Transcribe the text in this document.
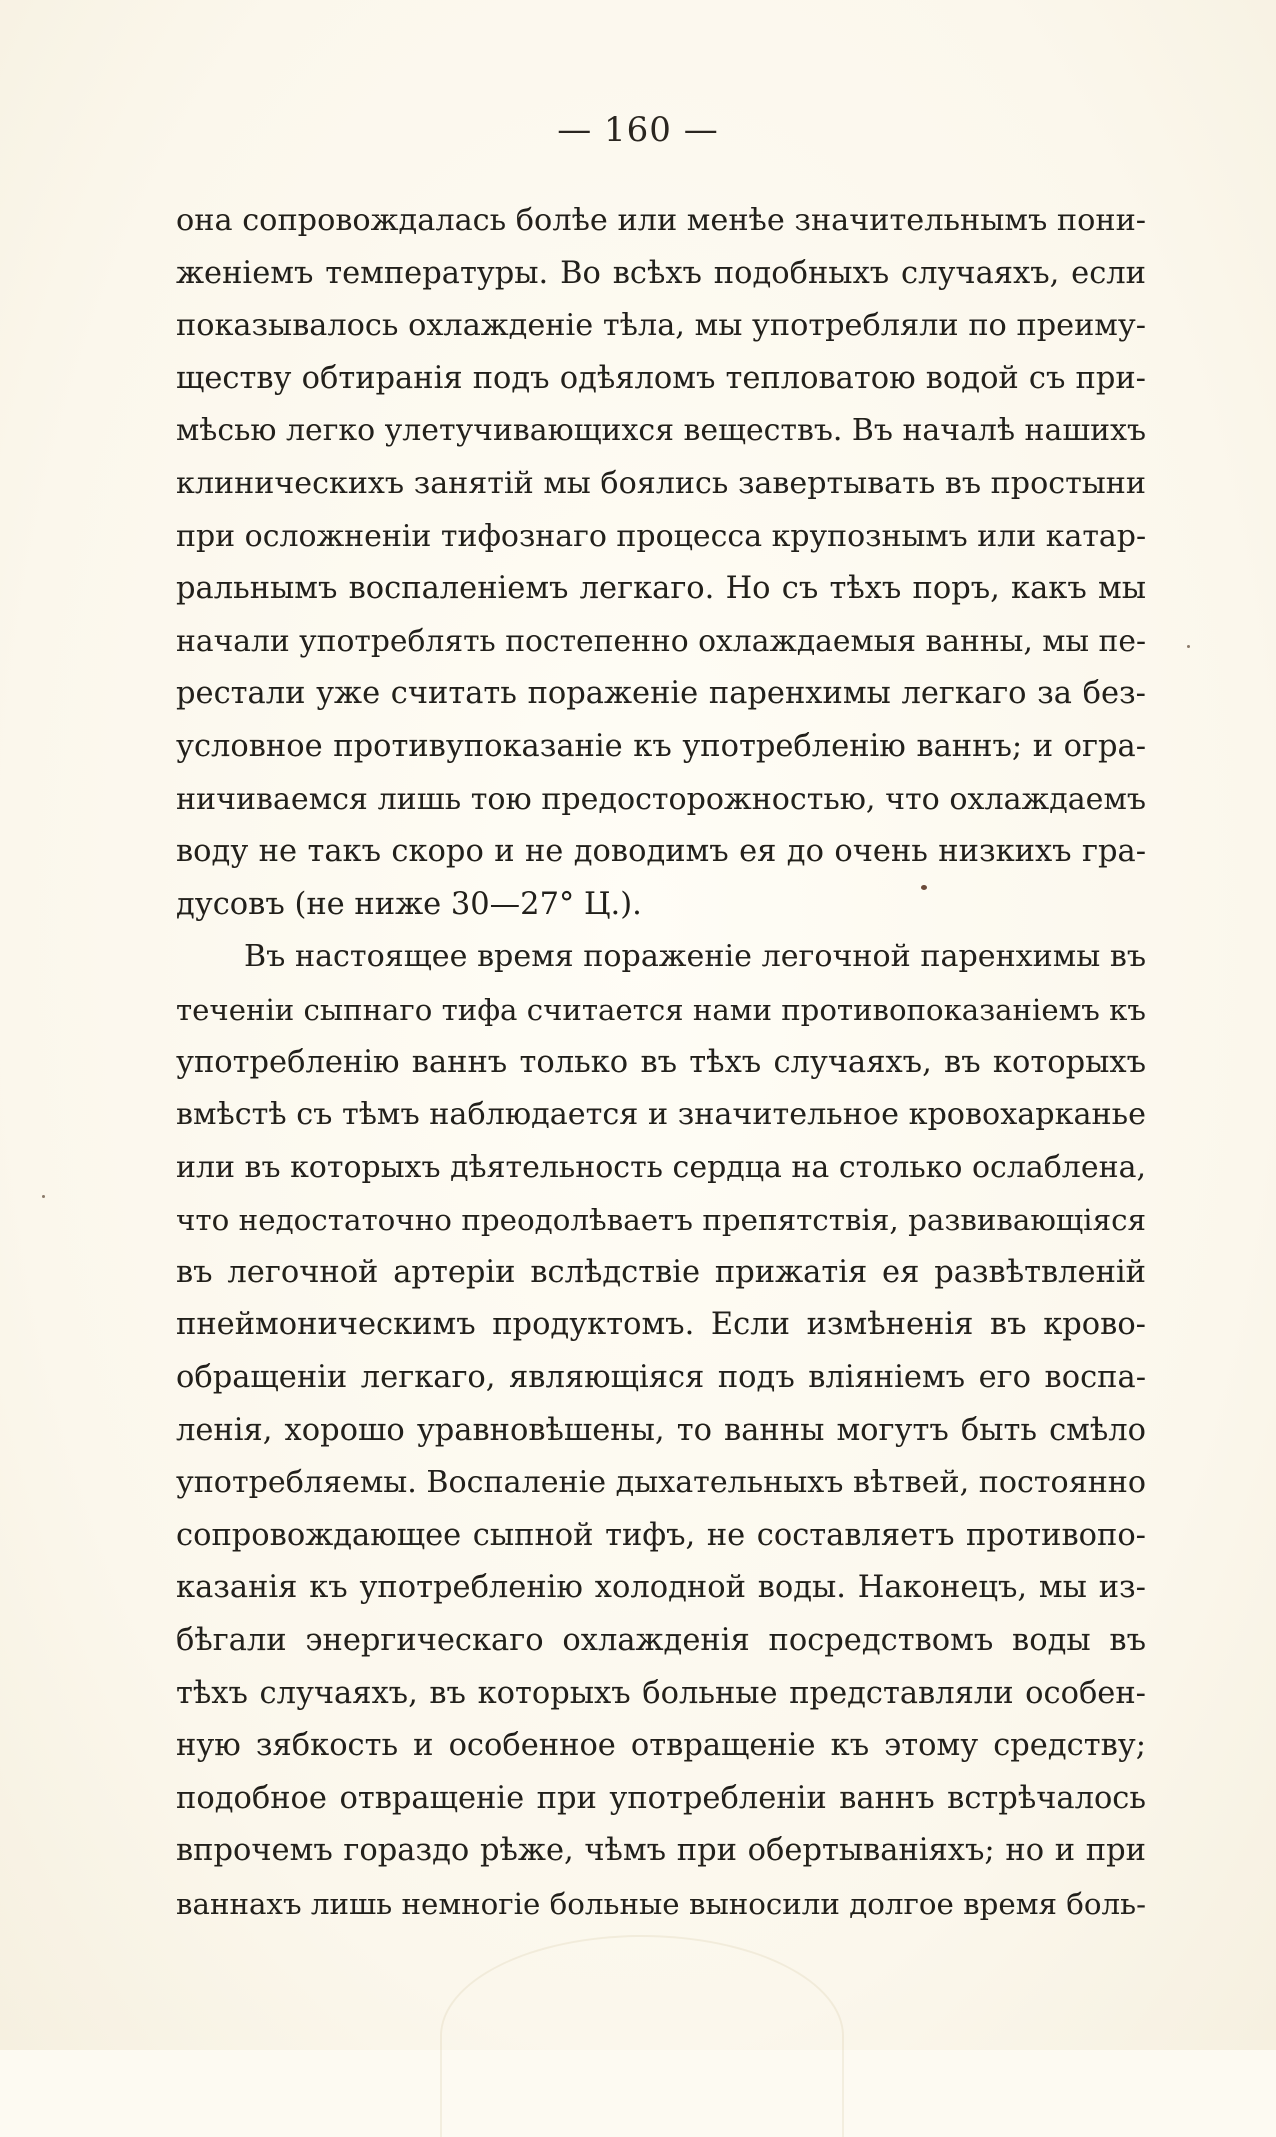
— 160 —
она сопровождалась болѣе или менѣе значительнымъ пони-
женіемъ температуры. Во всѣхъ подобныхъ случаяхъ, если
показывалось охлажденіе тѣла, мы употребляли по преиму-
ществу обтиранія подъ одѣяломъ тепловатою водой съ при-
мѣсью легко улетучивающихся веществъ. Въ началѣ нашихъ
клиническихъ занятій мы боялись завертывать въ простыни
при осложненіи тифознаго процесса крупознымъ или катар-
ральнымъ воспаленіемъ легкаго. Но съ тѣхъ поръ, какъ мы
начали употреблять постепенно охлаждаемыя ванны, мы пе-
рестали уже считать пораженіе паренхимы легкаго за без-
условное противупоказаніе къ употребленію ваннъ; и огра-
ничиваемся лишь тою предосторожностью, что охлаждаемъ
воду не такъ скоро и не доводимъ ея до очень низкихъ гра-
дусовъ (не ниже 30—27° Ц.).
Въ настоящее время пораженіе легочной паренхимы въ
теченіи сыпнаго тифа считается нами противопоказаніемъ къ
употребленію ваннъ только въ тѣхъ случаяхъ, въ которыхъ
вмѣстѣ съ тѣмъ наблюдается и значительное кровохарканье
или въ которыхъ дѣятельность сердца на столько ослаблена,
что недостаточно преодолѣваетъ препятствія, развивающіяся
въ легочной артеріи вслѣдствіе прижатія ея развѣтвленій
пнеймоническимъ продуктомъ. Если измѣненія въ крово-
обращеніи легкаго, являющіяся подъ вліяніемъ его воспа-
ленія, хорошо уравновѣшены, то ванны могутъ быть смѣло
употребляемы. Воспаленіе дыхательныхъ вѣтвей, постоянно
сопровождающее сыпной тифъ, не составляетъ противопо-
казанія къ употребленію холодной воды. Наконецъ, мы из-
бѣгали энергическаго охлажденія посредствомъ воды въ
тѣхъ случаяхъ, въ которыхъ больные представляли особен-
ную зябкость и особенное отвращеніе къ этому средству;
подобное отвращеніе при употребленіи ваннъ встрѣчалось
впрочемъ гораздо рѣже, чѣмъ при обертываніяхъ; но и при
ваннахъ лишь немногіе больные выносили долгое время боль-
